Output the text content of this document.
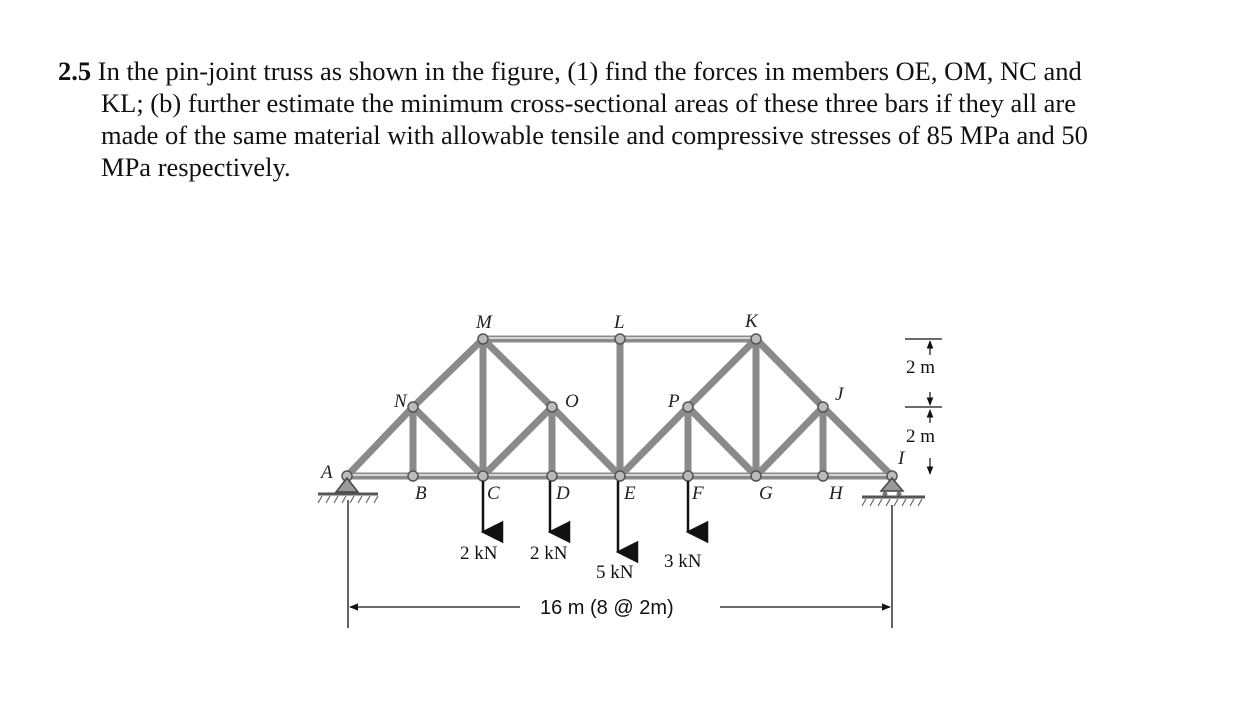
2.5 In the pin-joint truss as shown in the figure, (1) find the forces in members OE, OM, NC and
KL; (b) further estimate the minimum cross-sectional areas of these three bars if they all are
made of the same material with allowable tensile and compressive stresses of 85 MPa and 50
MPa respectively.
A
B	C	D	E	F	G	H
I
J
K
L
M
N	O	P
2 kN 2 kN
5 kN
3 kN
2 m
2 m
16 m (8 @ 2m)
